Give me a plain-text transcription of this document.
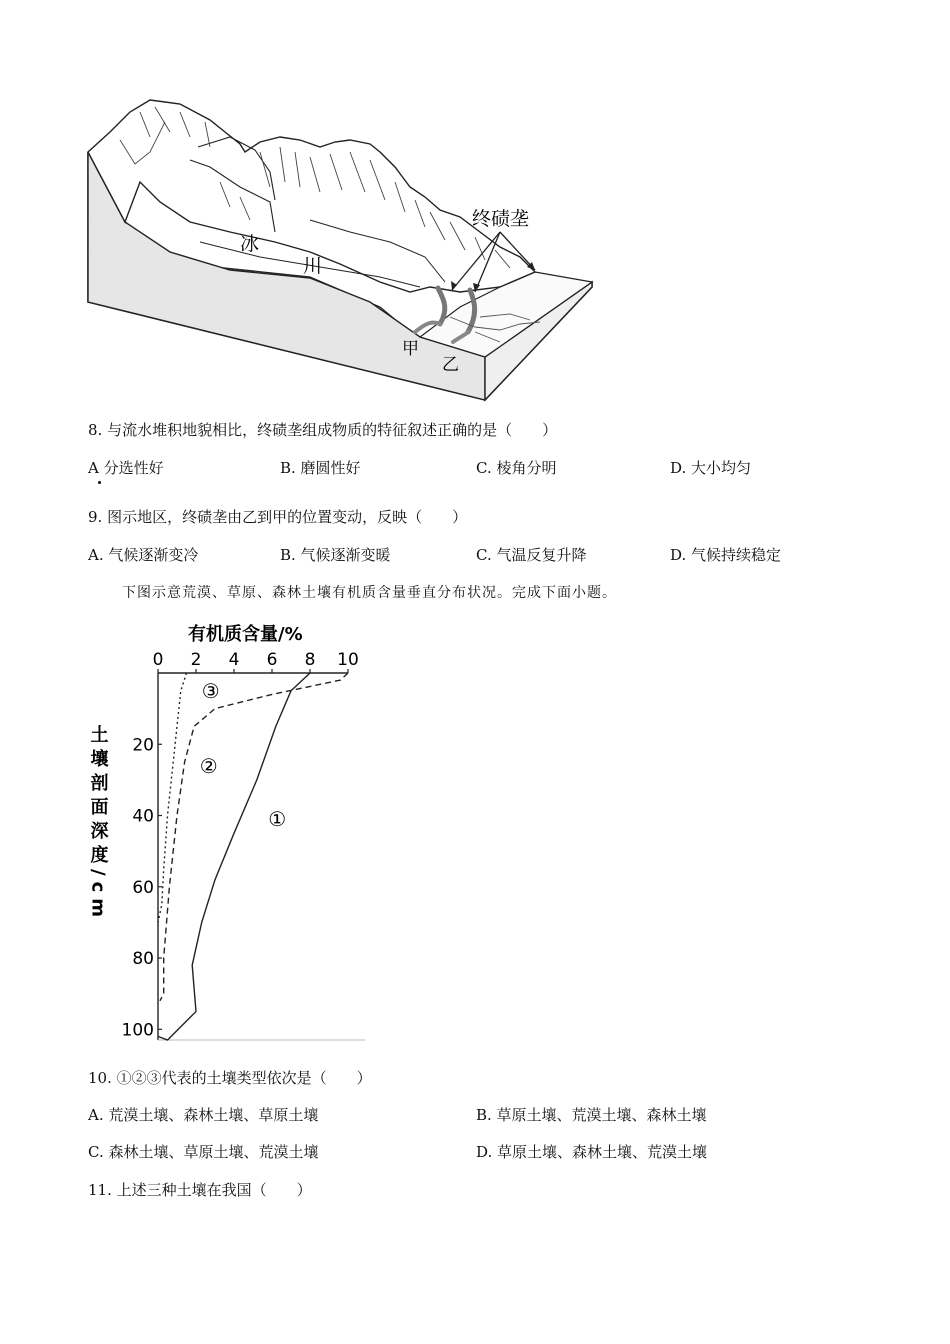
冰
川
终碛垄
甲
乙
8. 与流水堆积地貌相比，终碛垄组成物质的特征叙述正确的是（　　）
A 分选性好	B. 磨圆性好	C. 棱角分明	D. 大小均匀
9. 图示地区，终碛垄由乙到甲的位置变动，反映（　　）
A. 气候逐渐变冷	B. 气候逐渐变暖	C. 气温反复升降	D. 气候持续稳定
下图示意荒漠、草原、森林土壤有机质含量垂直分布状况。完成下面小题。
有机质含量/%
0 2 4 6 8 10
20
40
60
80
100
①
②
③
土壤剖面深度/cm
10. ①②③代表的土壤类型依次是（　　）
A. 荒漠土壤、森林土壤、草原土壤	B. 草原土壤、荒漠土壤、森林土壤
C. 森林土壤、草原土壤、荒漠土壤	D. 草原土壤、森林土壤、荒漠土壤
11. 上述三种土壤在我国（　　）
